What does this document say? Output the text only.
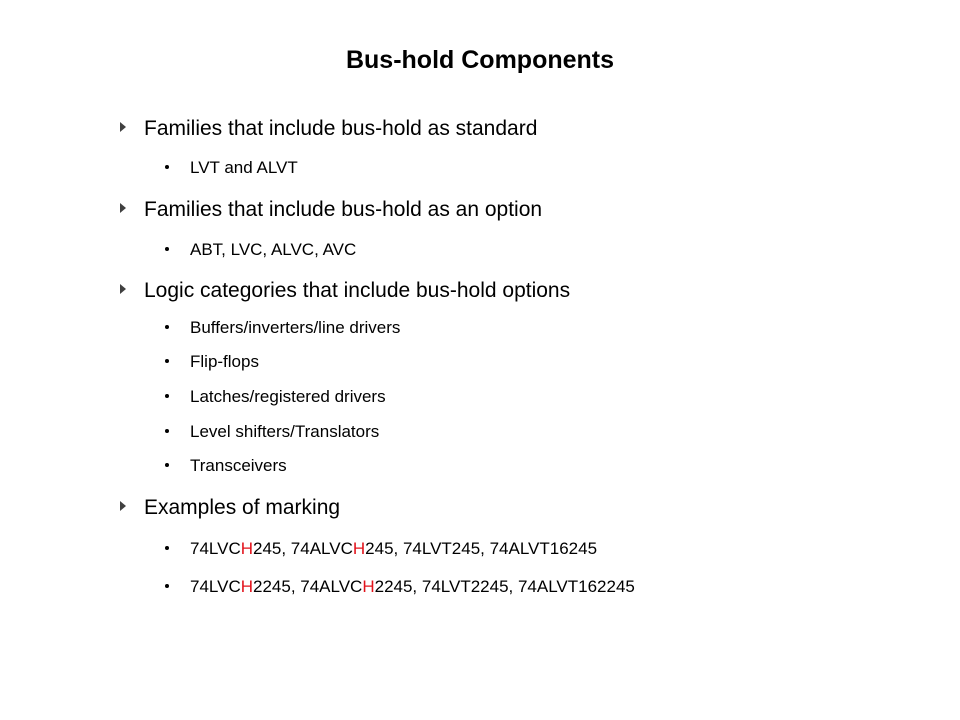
Bus-hold Components
Families that include bus-hold as standard
LVT and ALVT
Families that include bus-hold as an option
ABT, LVC, ALVC, AVC
Logic categories that include bus-hold options
Buffers/inverters/line drivers
Flip-flops
Latches/registered drivers
Level shifters/Translators
Transceivers
Examples of marking
74LVCH245, 74ALVCH245, 74LVT245, 74ALVT16245
74LVCH2245, 74ALVCH2245, 74LVT2245, 74ALVT162245
